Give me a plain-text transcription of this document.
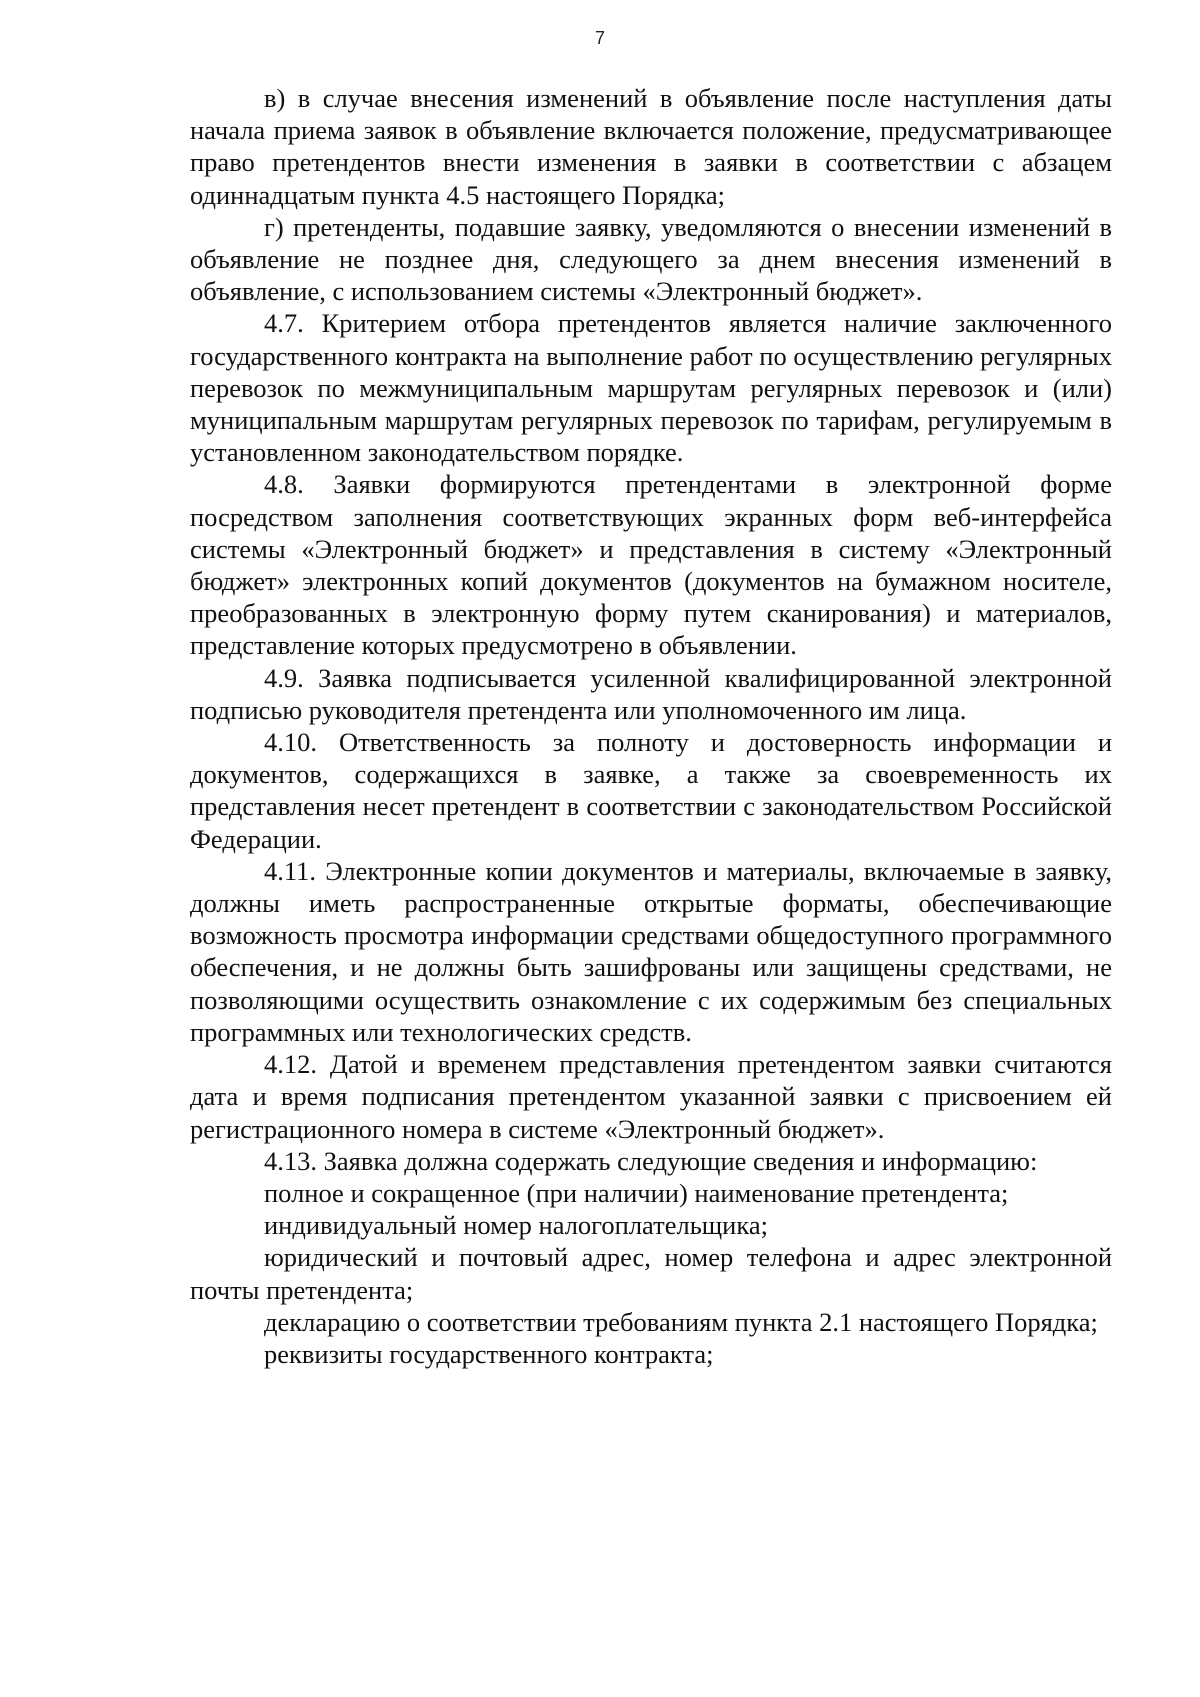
7

в) в случае внесения изменений в объявление после наступления даты начала приема заявок в объявление включается положение, предусматривающее право претендентов внести изменения в заявки в соответствии с абзацем одиннадцатым пункта 4.5 настоящего Порядка;

г) претенденты, подавшие заявку, уведомляются о внесении изменений в объявление не позднее дня, следующего за днем внесения изменений в объявление, с использованием системы «Электронный бюджет».

4.7. Критерием отбора претендентов является наличие заключенного государственного контракта на выполнение работ по осуществлению регулярных перевозок по межмуниципальным маршрутам регулярных перевозок и (или) муниципальным маршрутам регулярных перевозок по тарифам, регулируемым в установленном законодательством порядке.

4.8. Заявки формируются претендентами в электронной форме посредством заполнения соответствующих экранных форм веб-интерфейса системы «Электронный бюджет» и представления в систему «Электронный бюджет» электронных копий документов (документов на бумажном носителе, преобразованных в электронную форму путем сканирования) и материалов, представление которых предусмотрено в объявлении.

4.9. Заявка подписывается усиленной квалифицированной электронной подписью руководителя претендента или уполномоченного им лица.

4.10. Ответственность за полноту и достоверность информации и документов, содержащихся в заявке, а также за своевременность их представления несет претендент в соответствии с законодательством Российской Федерации.

4.11. Электронные копии документов и материалы, включаемые в заявку, должны иметь распространенные открытые форматы, обеспечивающие возможность просмотра информации средствами общедоступного программного обеспечения, и не должны быть зашифрованы или защищены средствами, не позволяющими осуществить ознакомление с их содержимым без специальных программных или технологических средств.

4.12. Датой и временем представления претендентом заявки считаются дата и время подписания претендентом указанной заявки с присвоением ей регистрационного номера в системе «Электронный бюджет».

4.13. Заявка должна содержать следующие сведения и информацию:

полное и сокращенное (при наличии) наименование претендента;

индивидуальный номер налогоплательщика;

юридический и почтовый адрес, номер телефона и адрес электронной почты претендента;

декларацию о соответствии требованиям пункта 2.1 настоящего Порядка;

реквизиты государственного контракта;
